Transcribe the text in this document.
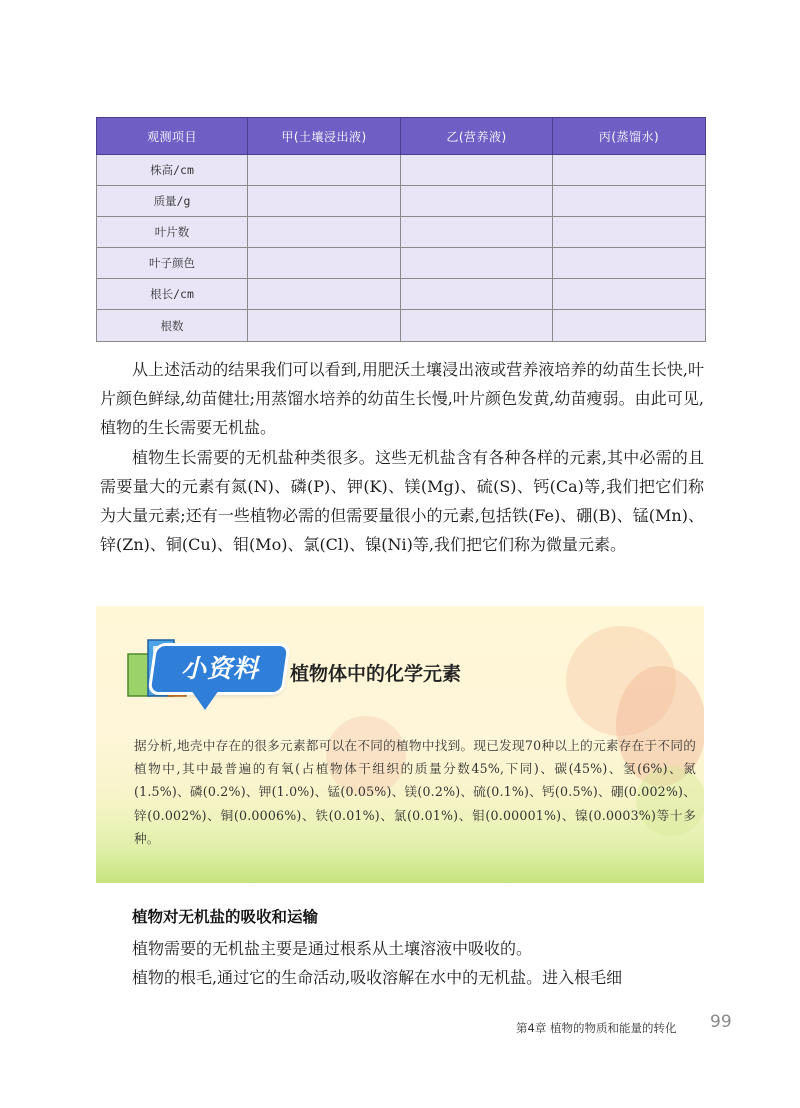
观测项目	甲(土壤浸出液)	乙(营养液)	丙(蒸馏水)
株高/cm			
质量/g			
叶片数			
叶子颜色			
根长/cm			
根数			

从上述活动的结果我们可以看到,用肥沃土壤浸出液或营养液培养的幼苗生长快,叶片颜色鲜绿,幼苗健壮;用蒸馏水培养的幼苗生长慢,叶片颜色发黄,幼苗瘦弱。由此可见,植物的生长需要无机盐。

植物生长需要的无机盐种类很多。这些无机盐含有各种各样的元素,其中必需的且需要量大的元素有氮(N)、磷(P)、钾(K)、镁(Mg)、硫(S)、钙(Ca)等,我们把它们称为大量元素;还有一些植物必需的但需要量很小的元素,包括铁(Fe)、硼(B)、锰(Mn)、锌(Zn)、铜(Cu)、钼(Mo)、氯(Cl)、镍(Ni)等,我们把它们称为微量元素。

小资料	植物体中的化学元素

据分析,地壳中存在的很多元素都可以在不同的植物中找到。现已发现70种以上的元素存在于不同的植物中,其中最普遍的有氧(占植物体干组织的质量分数45%,下同)、碳(45%)、氢(6%)、氮(1.5%)、磷(0.2%)、钾(1.0%)、锰(0.05%)、镁(0.2%)、硫(0.1%)、钙(0.5%)、硼(0.002%)、锌(0.002%)、铜(0.0006%)、铁(0.01%)、氯(0.01%)、钼(0.00001%)、镍(0.0003%)等十多种。

植物对无机盐的吸收和运输

植物需要的无机盐主要是通过根系从土壤溶液中吸收的。

植物的根毛,通过它的生命活动,吸收溶解在水中的无机盐。进入根毛细

第4章 植物的物质和能量的转化 99
